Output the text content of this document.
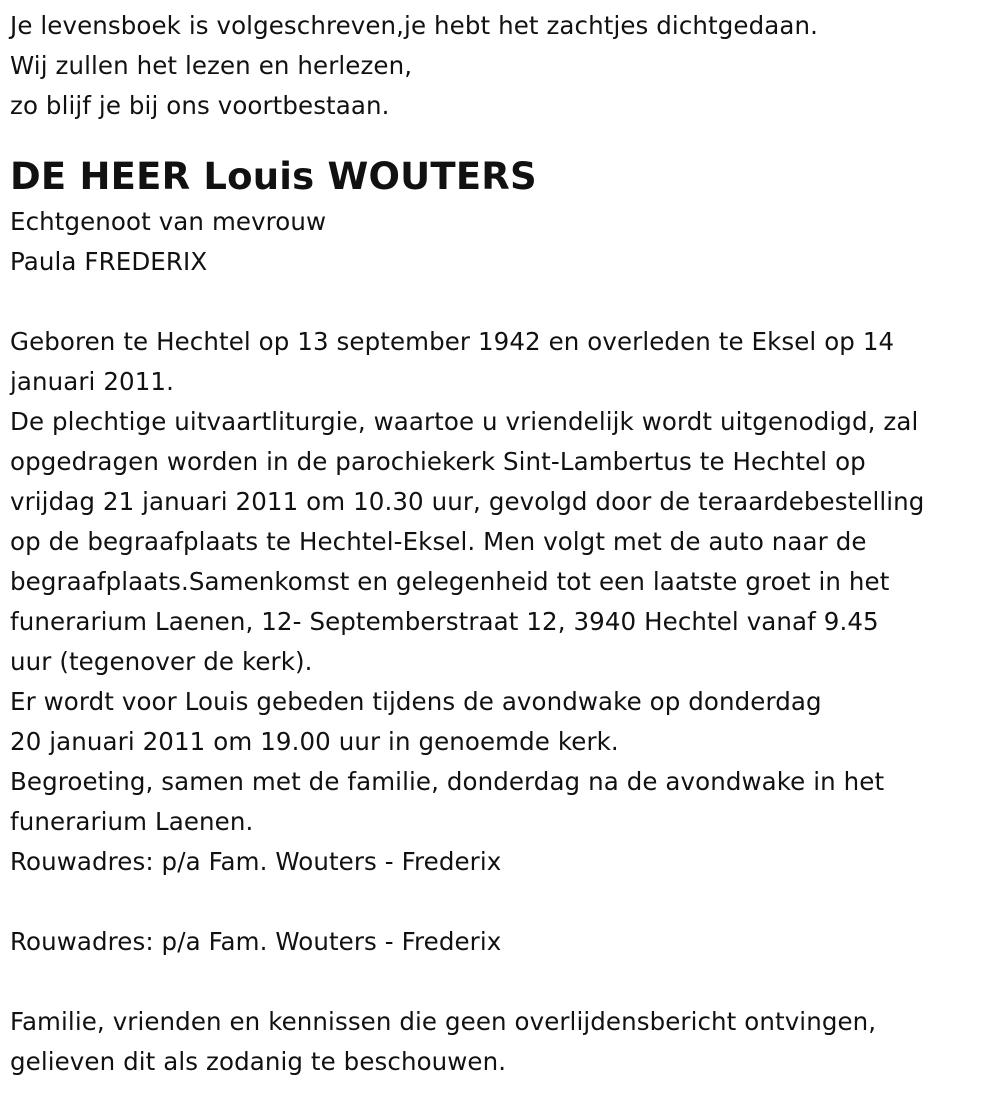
Je levensboek is volgeschreven,je hebt het zachtjes dichtgedaan.
Wij zullen het lezen en herlezen,
zo blijf je bij ons voortbestaan.
DE HEER Louis WOUTERS
Echtgenoot van mevrouw
Paula FREDERIX
Geboren te Hechtel op 13 september 1942 en overleden te Eksel op 14
januari 2011.
De plechtige uitvaartliturgie, waartoe u vriendelijk wordt uitgenodigd, zal
opgedragen worden in de parochiekerk Sint-Lambertus te Hechtel op
vrijdag 21 januari 2011 om 10.30 uur, gevolgd door de teraardebestelling
op de begraafplaats te Hechtel-Eksel. Men volgt met de auto naar de
begraafplaats.Samenkomst en gelegenheid tot een laatste groet in het
funerarium Laenen, 12- Septemberstraat 12, 3940 Hechtel vanaf 9.45
uur (tegenover de kerk).
Er wordt voor Louis gebeden tijdens de avondwake op donderdag
20 januari 2011 om 19.00 uur in genoemde kerk.
Begroeting, samen met de familie, donderdag na de avondwake in het
funerarium Laenen.
Rouwadres: p/a Fam. Wouters - Frederix
Rouwadres: p/a Fam. Wouters - Frederix
Familie, vrienden en kennissen die geen overlijdensbericht ontvingen,
gelieven dit als zodanig te beschouwen.
